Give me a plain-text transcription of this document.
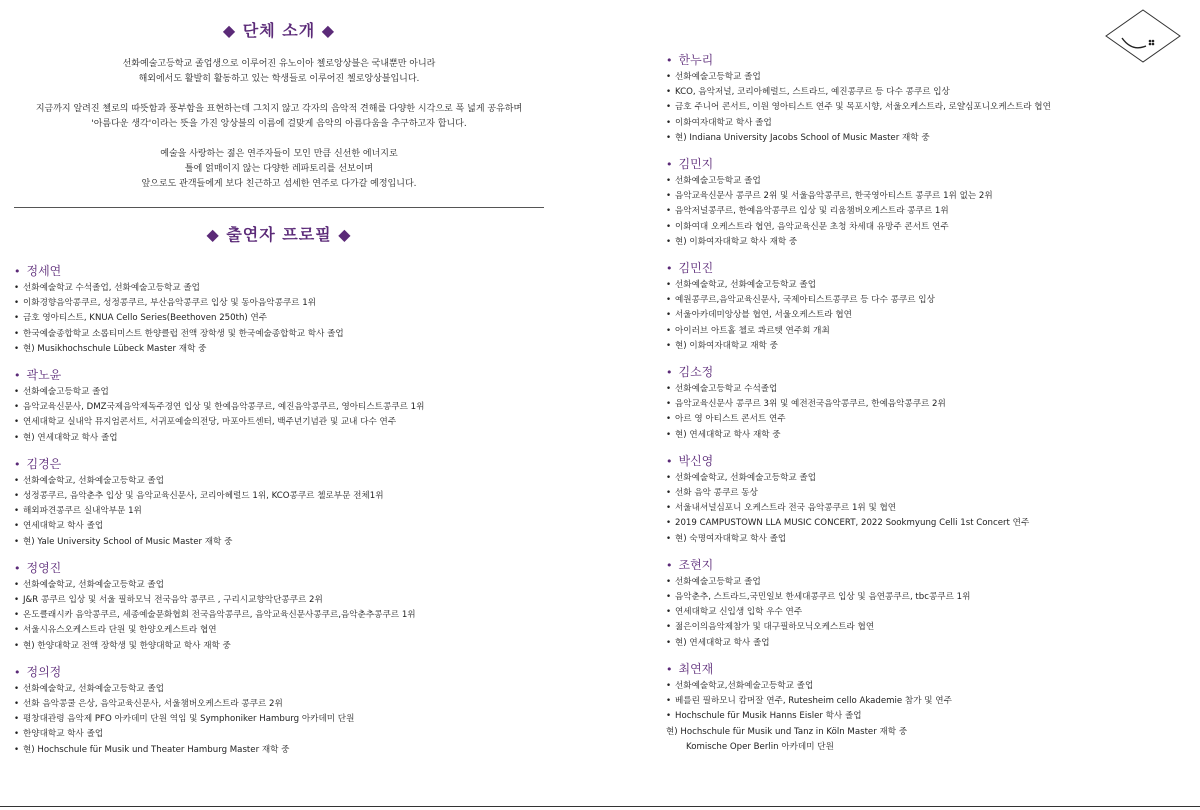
◆ 단체 소개 ◆

선화예술고등학교 졸업생으로 이루어진 유노이아 첼로앙상블은 국내뿐만 아니라
해외에서도 활발히 활동하고 있는 학생들로 이루어진 첼로앙상블입니다.

지금까지 알려진 첼로의 따뜻함과 풍부함을 표현하는데 그치지 않고 각자의 음악적 견해를 다양한 시각으로 폭 넓게 공유하며
'아름다운 생각'이라는 뜻을 가진 앙상블의 이름에 걸맞게 음악의 아름다움을 추구하고자 합니다.

예술을 사랑하는 젊은 연주자들이 모인 만큼 신선한 에너지로
틀에 얽매이지 않는 다양한 레파토리를 선보이며
앞으로도 관객들에게 보다 친근하고 섬세한 연주로 다가갈 예정입니다.

◆ 출연자 프로필 ◆
• 정세연
• 선화예술학교 수석졸업, 선화예술고등학교 졸업
• 이화경향음악콩쿠르, 성정콩쿠르, 부산음악콩쿠르 입상 및 동아음악콩쿠르 1위
• 금호 영아티스트, KNUA Cello Series(Beethoven 250th) 연주
• 한국예술종합학교 소롭티미스트 한양클럽 전액 장학생 및 한국예술종합학교 학사 졸업
• 현) Musikhochschule Lübeck Master 재학 중
• 곽노윤
• 선화예술고등학교 졸업
• 음악교육신문사, DMZ국제음악제독주경연 입상 및 한예음악콩쿠르, 예진음악콩쿠르, 영아티스트콩쿠르 1위
• 연세대학교 실내악 뮤지엄콘서트, 서귀포예술의전당, 마포아트센터, 백주년기념관 및 교내 다수 연주
• 현) 연세대학교 학사 졸업
• 김경은
• 선화예술학교, 선화예술고등학교 졸업
• 성정콩쿠르, 음악춘추 입상 및 음악교육신문사, 코리아헤럴드 1위, KCO콩쿠르 첼로부문 전체1위
• 해외파견콩쿠르 실내악부문 1위
• 연세대학교 학사 졸업
• 현) Yale University School of Music Master 재학 중
• 정영진
• 선화예술학교, 선화예술고등학교 졸업
• J&R 콩쿠르 입상 및 서울 필하모닉 전국음악 콩쿠르 , 구리시교향악단콩쿠르 2위
• 온도클래시카 음악콩쿠르, 세종예술문화협회 전국음악콩쿠르, 음악교육신문사콩쿠르,음악춘추콩쿠르 1위
• 서울시유스오케스트라 단원 및 한양오케스트라 협연
• 현) 한양대학교 전액 장학생 및 한양대학교 학사 재학 중
• 정의정
• 선화예술학교, 선화예술고등학교 졸업
• 선화 음악콩쿨 은상, 음악교육신문사, 서울챔버오케스트라 콩쿠르 2위
• 평창대관령 음악제 PFO 아카데미 단원 역임 및 Symphoniker Hamburg 아카데미 단원
• 한양대학교 학사 졸업
• 현) Hochschule für Musik und Theater Hamburg Master 재학 중
• 한누리
• 선화예술고등학교 졸업
• KCO, 음악저널, 코리아헤럴드, 스트라드, 예진콩쿠르 등 다수 콩쿠르 입상
• 금호 주니어 콘서트, 이원 영아티스트 연주 및 목포시향, 서울오케스트라, 로얄심포니오케스트라 협연
• 이화여자대학교 학사 졸업
• 현) Indiana University Jacobs School of Music Master 재학 중
• 김민지
• 선화예술고등학교 졸업
• 음악교육신문사 콩쿠르 2위 및 서울음악콩쿠르, 한국영아티스트 콩쿠르 1위 없는 2위
• 음악저널콩쿠르, 한예음악콩쿠르 입상 및 리움챔버오케스트라 콩쿠르 1위
• 이화여대 오케스트라 협연, 음악교육신문 초청 차세대 유망주 콘서트 연주
• 현) 이화여자대학교 학사 재학 중
• 김민진
• 선화예술학교, 선화예술고등학교 졸업
• 예원콩쿠르,음악교육신문사, 국제아티스트콩쿠르 등 다수 콩쿠르 입상
• 서울아카데미앙상블 협연, 서울오케스트라 협연
• 아이러브 아트홀 첼로 콰르텟 연주회 개최
• 현) 이화여자대학교 재학 중
• 김소정
• 선화예술고등학교 수석졸업
• 음악교육신문사 콩쿠르 3위 및 예전전국음악콩쿠르, 한예음악콩쿠르 2위
• 아르 영 아티스트 콘서트 연주
• 현) 연세대학교 학사 재학 중
• 박신영
• 선화예술학교, 선화예술고등학교 졸업
• 선화 음악 콩쿠르 동상
• 서울내셔널심포니 오케스트라 전국 음악콩쿠르 1위 및 협연
• 2019 CAMPUSTOWN LLA MUSIC CONCERT, 2022 Sookmyung Celli 1st Concert 연주
• 현) 숙명여자대학교 학사 졸업
• 조현지
• 선화예술고등학교 졸업
• 음악춘추, 스트라드,국민일보 한세대콩쿠르 입상 및 음연콩쿠르, tbc콩쿠르 1위
• 연세대학교 신입생 입학 우수 연주
• 젊은이의음악제참가 및 대구필하모닉오케스트라 협연
• 현) 연세대학교 학사 졸업
• 최연재
• 선화예술학교,선화예술고등학교 졸업
• 베를린 필하모니 캄머잘 연주, Rutesheim cello Akademie 참가 및 연주
• Hochschule für Musik Hanns Eisler 학사 졸업
현) Hochschule für Musik und Tanz in Köln Master 재학 중
Komische Oper Berlin 아카데미 단원
